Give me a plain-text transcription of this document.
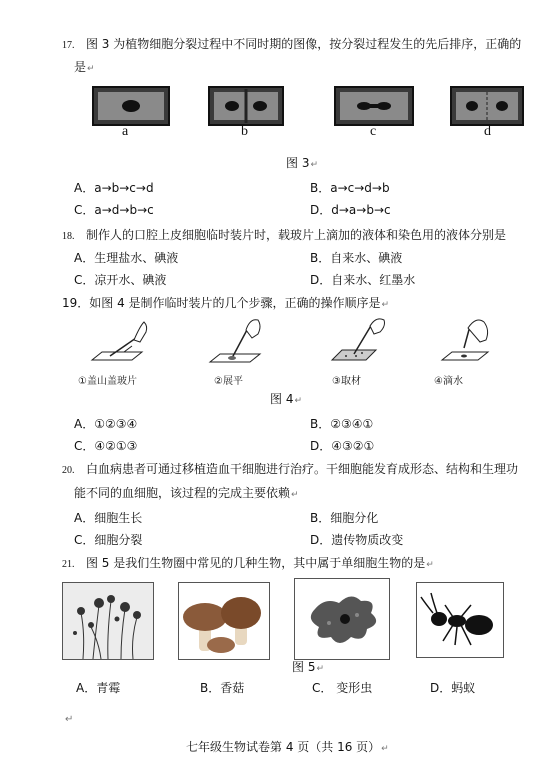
17. 图 3 为植物细胞分裂过程中不同时期的图像，按分裂过程发生的先后排序，正确的
是↵
a	b	c	d
图 3↵
A．a→b→c→d	B．a→c→d→b
C．a→d→b→c	D．d→a→b→c
18. 制作人的口腔上皮细胞临时装片时，载玻片上滴加的液体和染色用的液体分别是
A．生理盐水、碘液	B．自来水、碘液
C．凉开水、碘液	D．自来水、红墨水
19．如图 4 是制作临时装片的几个步骤，正确的操作顺序是↵
①盖山盖玻片	②展平	③取材	④滴水
图 4↵
A．①②③④	B．②③④①
C．④②①③	D．④③②①
20. 白血病患者可通过移植造血干细胞进行治疗。干细胞能发育成形态、结构和生理功
能不同的血细胞，该过程的完成主要依赖↵
A．细胞生长	B．细胞分化
C．细胞分裂	D．遗传物质改变
21. 图 5 是我们生物圈中常见的几种生物，其中属于单细胞生物的是↵
图 5↵
A．青霉	B．香菇	C． 变形虫	D．蚂蚁
↵
七年级生物试卷第 4 页（共 16 页）↵
